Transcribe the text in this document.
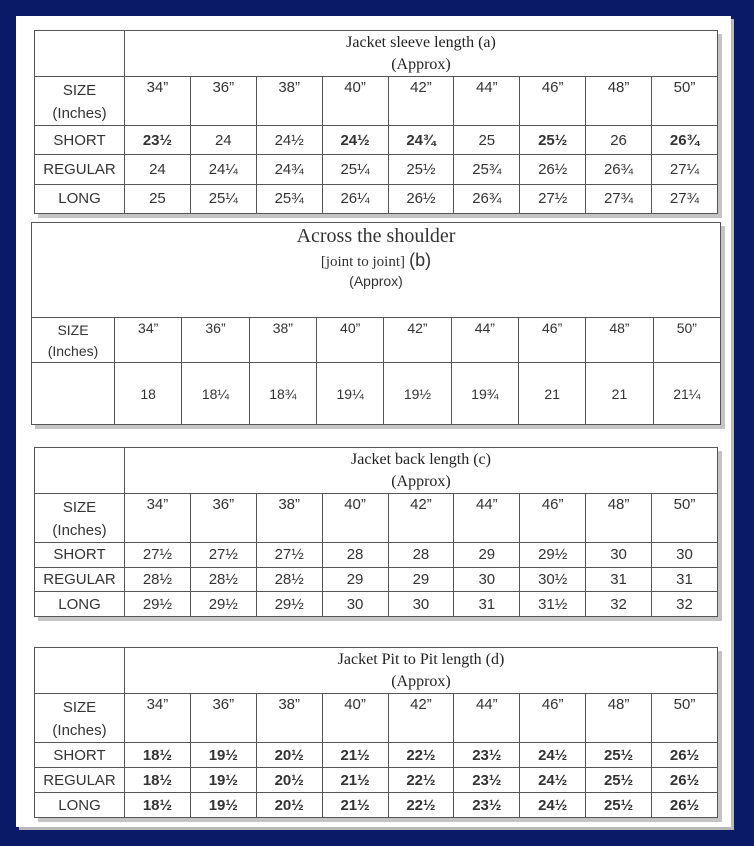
	Jacket sleeve length (a)
(Approx)								

SIZE
(Inches)	34”	36”	38”	40”	42”	44”	46”	48”	50”
SHORT	23½	24	24½	24½	24¾	25	25½	26	26¾
REGULAR	24	24¼	24¾	25¼	25½	25¾	26½	26¾	27¼
LONG	25	25¼	25¾	26¼	26½	26¾	27½	27¾	27¾
Across the shoulder
[joint to joint] (b)
(Approx)									

SIZE
(Inches)	34”	36”	38”	40”	42”	44”	46”	48”	50”
	18	18¼	18¾	19¼	19½	19¾	21	21	21¼

	Jacket back length (c)
(Approx)								

SIZE
(Inches)	34”	36”	38”	40”	42”	44”	46”	48”	50”
SHORT	27½	27½	27½	28	28	29	29½	30	30
REGULAR	28½	28½	28½	29	29	30	30½	31	31
LONG	29½	29½	29½	30	30	31	31½	32	32

	Jacket Pit to Pit length (d)
(Approx)								

SIZE
(Inches)	34”	36”	38”	40”	42”	44”	46”	48”	50”
SHORT	18½	19½	20½	21½	22½	23½	24½	25½	26½
REGULAR	18½	19½	20½	21½	22½	23½	24½	25½	26½
LONG	18½	19½	20½	21½	22½	23½	24½	25½	26½
